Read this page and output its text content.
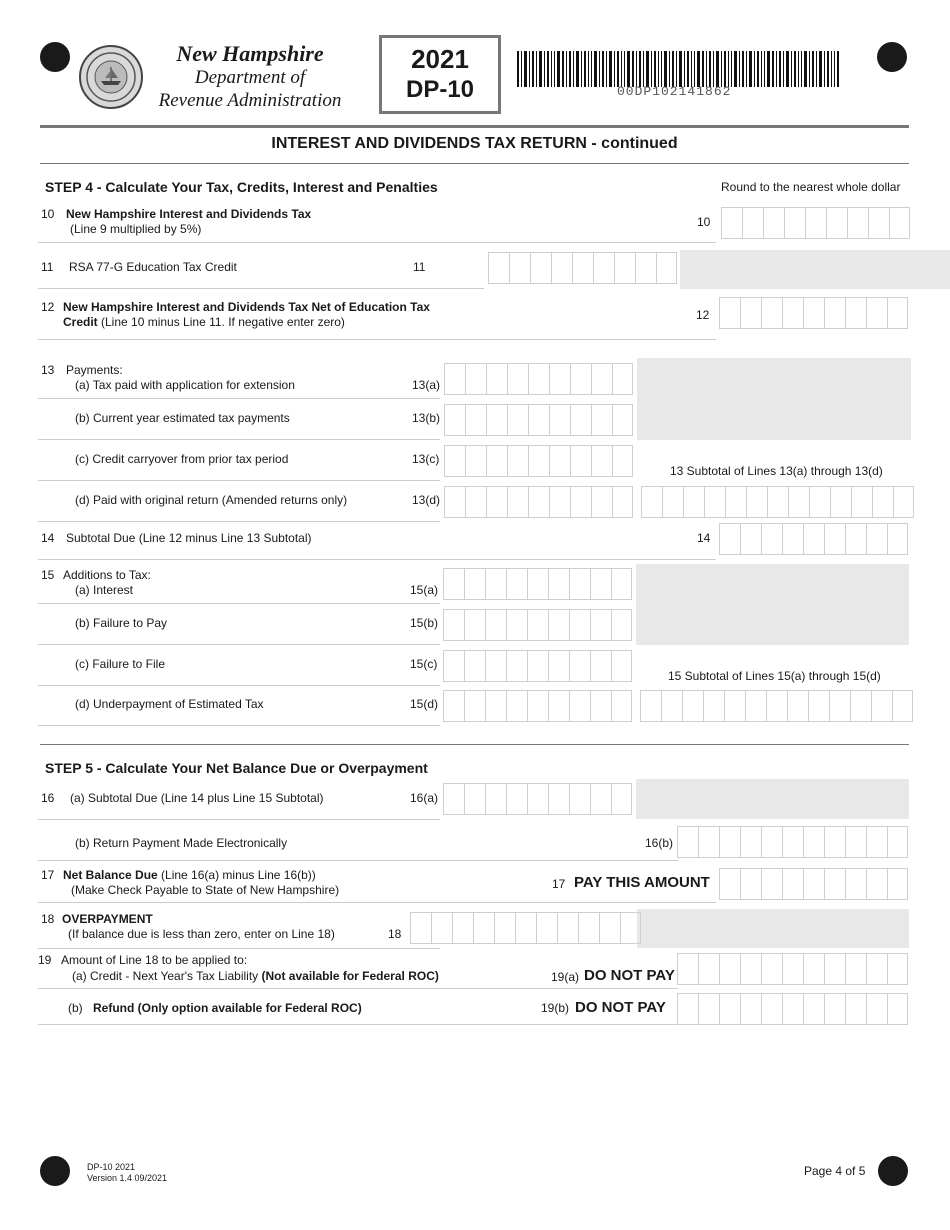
New Hampshire
Department of
Revenue Administration
2021
DP-10	00DP102141862
INTEREST AND DIVIDENDS TAX RETURN - continued
STEP 4 - Calculate Your Tax, Credits, Interest and Penalties	Round to the nearest whole dollar
10 New Hampshire Interest and Dividends Tax
(Line 9 multiplied by 5%)	10
11 RSA 77-G Education Tax Credit	11
12 New Hampshire Interest and Dividends Tax Net of Education Tax
Credit (Line 10 minus Line 11. If negative enter zero)	12
13 Payments:
(a) Tax paid with application for extension	13(a)
(b) Current year estimated tax payments	13(b)
(c) Credit carryover from prior tax period	13(c)
13 Subtotal of Lines 13(a) through 13(d)
(d) Paid with original return (Amended returns only)	13(d)
14 Subtotal Due (Line 12 minus Line 13 Subtotal)	14
15 Additions to Tax:
(a) Interest	15(a)
(b) Failure to Pay	15(b)
(c) Failure to File	15(c)
15 Subtotal of Lines 15(a) through 15(d)
(d) Underpayment of Estimated Tax	15(d)
STEP 5 - Calculate Your Net Balance Due or Overpayment
16 (a) Subtotal Due (Line 14 plus Line 15 Subtotal)	16(a)
(b) Return Payment Made Electronically	16(b)
17 Net Balance Due (Line 16(a) minus Line 16(b))
(Make Check Payable to State of New Hampshire)	17 PAY THIS AMOUNT
18 OVERPAYMENT
(If balance due is less than zero, enter on Line 18)	18
19 Amount of Line 18 to be applied to:
(a) Credit - Next Year's Tax Liability (Not available for Federal ROC)	19(a) DO NOT PAY
(b) Refund (Only option available for Federal ROC)	19(b) DO NOT PAY
DP-10 2021
Version 1.4 09/2021	Page 4 of 5
